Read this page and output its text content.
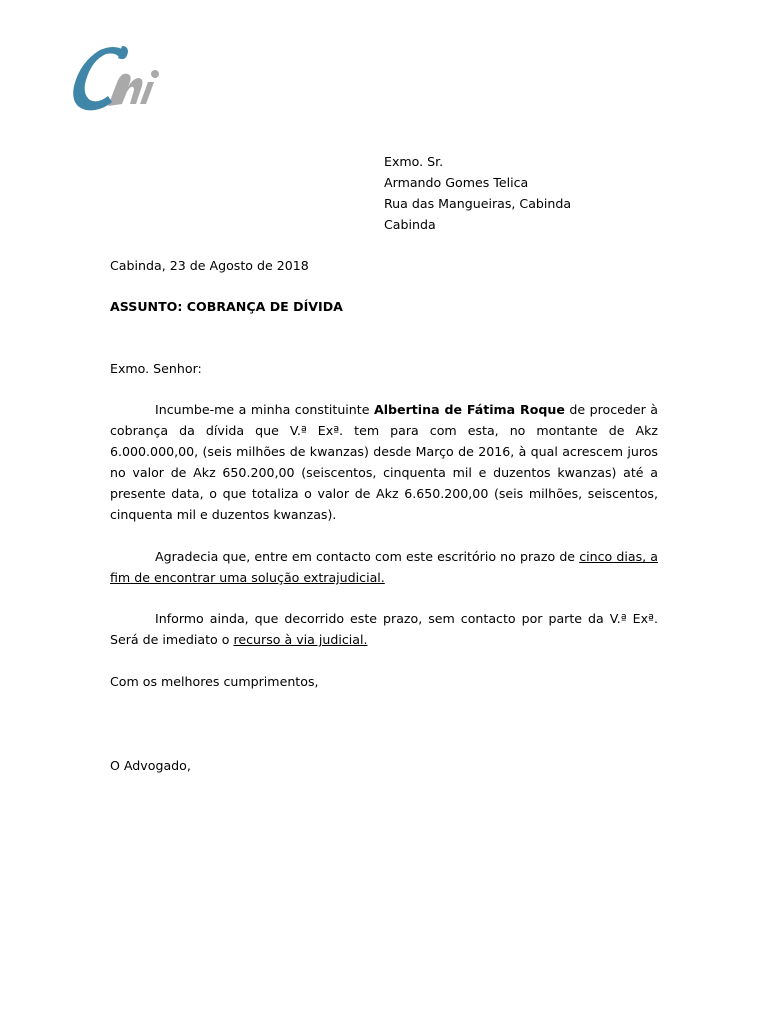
Exmo. Sr.
Armando Gomes Telica
Rua das Mangueiras, Cabinda
Cabinda
Cabinda, 23 de Agosto de 2018
ASSUNTO: COBRANÇA DE DÍVIDA
Exmo. Senhor:

Incumbe-me a minha constituinte Albertina de Fátima Roque de proceder à cobrança da dívida que V.ª Exª. tem para com esta, no montante de Akz 6.000.000,00, (seis milhões de kwanzas) desde Março de 2016, à qual acrescem juros no valor de Akz 650.200,00 (seiscentos, cinquenta mil e duzentos kwanzas) até a presente data, o que totaliza o valor de Akz 6.650.200,00 (seis milhões, seiscentos, cinquenta mil e duzentos kwanzas).

Agradecia que, entre em contacto com este escritório no prazo de cinco dias, a fim de encontrar uma solução extrajudicial.

Informo ainda, que decorrido este prazo, sem contacto por parte da V.ª Exª. Será de imediato o recurso à via judicial.

Com os melhores cumprimentos,
O Advogado,
